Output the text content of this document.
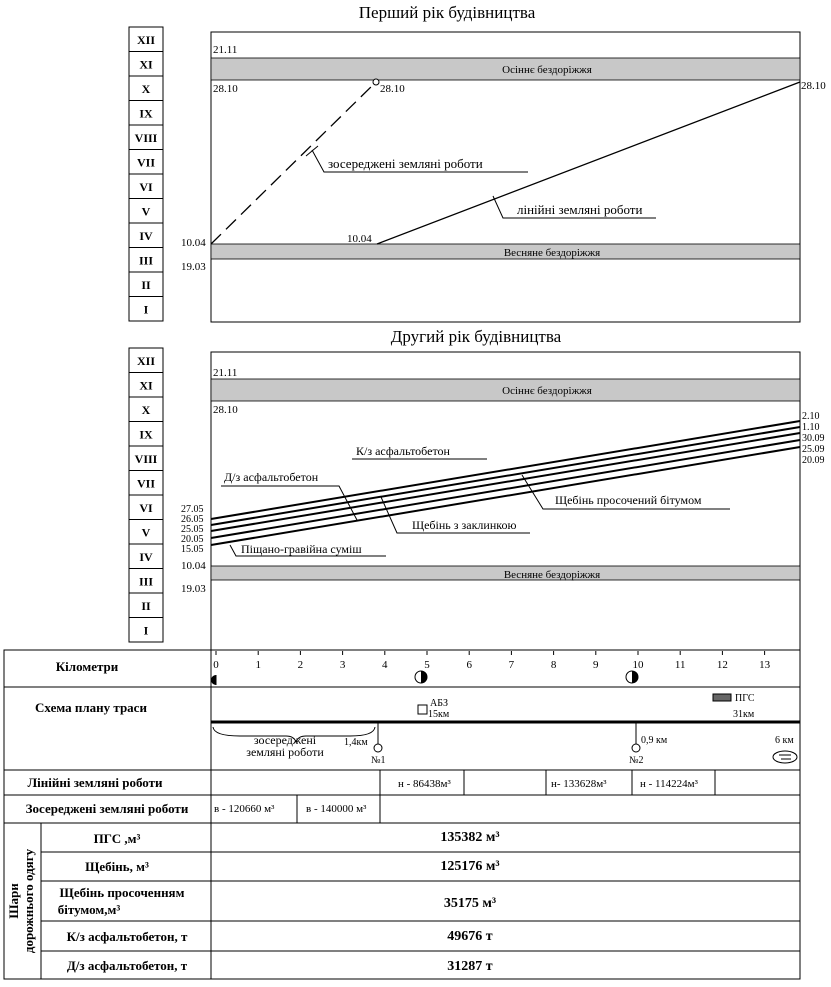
Перший рік будівництва
XII
XI
X
IX
VIII
VII
VI
V
IV
III
II
I
Осіннє бездоріжжя
Весняне бездоріжжя
21.11
28.10
10.04
19.03
28.10
зосереджені земляні роботи
10.04
28.10
лінійні земляні роботи
Другий рік будівництва
XII
XI
X
IX
VIII
VII
VI
V
IV
III
II
I
Осіннє бездоріжжя
Весняне бездоріжжя
21.11
28.10
10.04
19.03
27.05
26.05
25.05
20.05
15.05
2.10
1.10
30.09
25.09
20.09
Д/з асфальтобетон
К/з асфальтобетон
Щебінь просочений бітумом
Щебінь з заклинкою
Піщано-гравійна суміш
Кілометри	0	1	2	3	4	5	6	7	8	9	10	11	12	13
Схема плану траси	АБЗ
15км
ПГС
31км
зосереджені
земляні роботи
1,4км
№1
0,9 км
№2
6 км
Лінійні земляні роботи	н - 86438м³	н- 133628м³	н - 114224м³
Зосереджені земляні роботи в - 120660 м³	в - 140000 м³
Шаридорожнього одягу
ПГС ,м³	135382 м³
Щебінь, м³	125176 м³
Щебінь просоченням
бітумом,м³	35175 м³
К/з асфальтобетон, т	49676 т
Д/з асфальтобетон, т	31287 т
